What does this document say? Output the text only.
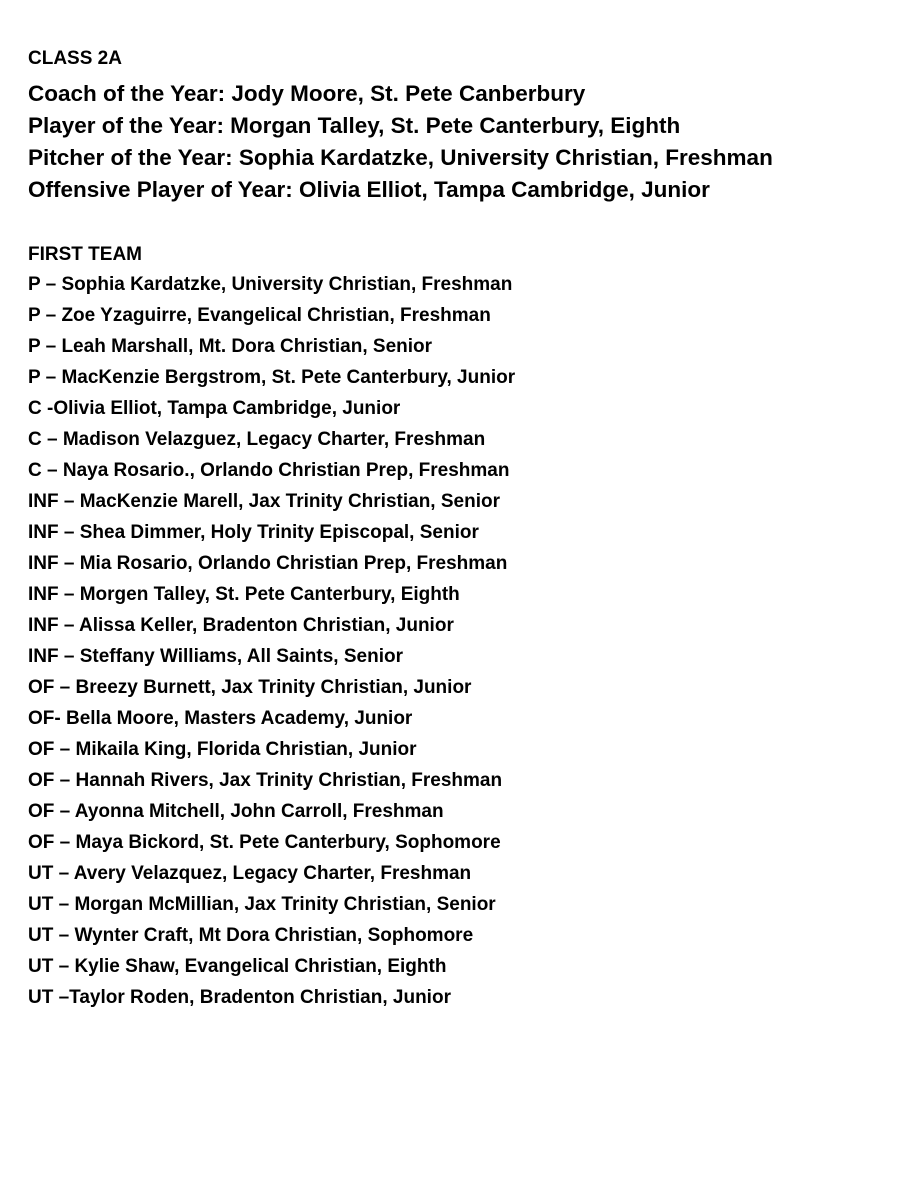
CLASS 2A
Coach of the Year: Jody Moore, St. Pete Canberbury
Player of the Year: Morgan Talley, St. Pete Canterbury, Eighth
Pitcher of the Year: Sophia Kardatzke, University Christian, Freshman
Offensive Player of Year: Olivia Elliot, Tampa Cambridge, Junior
FIRST TEAM
P – Sophia Kardatzke, University Christian, Freshman
P – Zoe Yzaguirre, Evangelical Christian, Freshman
P – Leah Marshall, Mt. Dora Christian, Senior
P – MacKenzie Bergstrom, St. Pete Canterbury, Junior
C -Olivia Elliot, Tampa Cambridge, Junior
C – Madison Velazguez, Legacy Charter, Freshman
C – Naya Rosario., Orlando Christian Prep, Freshman
INF – MacKenzie Marell, Jax Trinity Christian, Senior
INF – Shea Dimmer, Holy Trinity Episcopal, Senior
INF – Mia Rosario, Orlando Christian Prep, Freshman
INF – Morgen Talley, St. Pete Canterbury, Eighth
INF – Alissa Keller, Bradenton Christian, Junior
INF – Steffany Williams, All Saints, Senior
OF – Breezy Burnett, Jax Trinity Christian, Junior
OF- Bella Moore, Masters Academy, Junior
OF – Mikaila King, Florida Christian, Junior
OF – Hannah Rivers, Jax Trinity Christian, Freshman
OF – Ayonna Mitchell, John Carroll, Freshman
OF – Maya Bickord, St. Pete Canterbury, Sophomore
UT – Avery Velazquez, Legacy Charter, Freshman
UT – Morgan McMillian, Jax Trinity Christian, Senior
UT – Wynter Craft, Mt Dora Christian, Sophomore
UT – Kylie Shaw, Evangelical Christian, Eighth
UT –Taylor Roden, Bradenton Christian, Junior
